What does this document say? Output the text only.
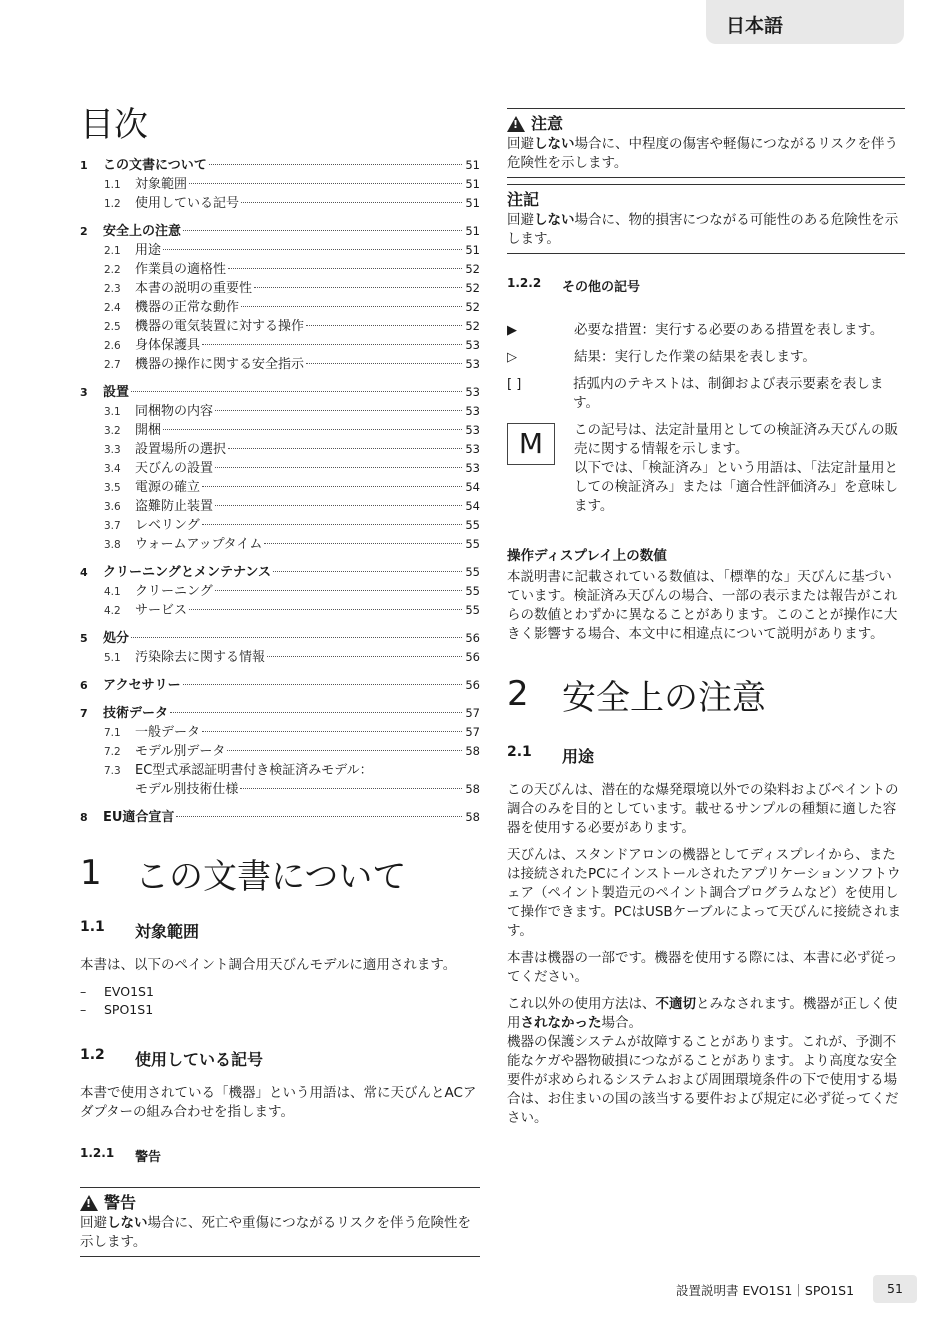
日本語
目次
1	この文書について	51
1.1	対象範囲	51
1.2	使用している記号	51
2	安全上の注意	51
2.1	用途	51
2.2	作業員の適格性	52
2.3	本書の説明の重要性	52
2.4	機器の正常な動作	52
2.5	機器の電気装置に対する操作	52
2.6	身体保護具	53
2.7	機器の操作に関する安全指示	53
3	設置	53
3.1	同梱物の内容	53
3.2	開梱	53
3.3	設置場所の選択	53
3.4	天びんの設置	53
3.5	電源の確立	54
3.6	盗難防止装置	54
3.7	レベリング	55
3.8	ウォームアップタイム	55
4	クリーニングとメンテナンス	55
4.1	クリーニング	55
4.2	サービス	55
5	処分	56
5.1	汚染除去に関する情報	56
6	アクセサリー	56
7	技術データ	57
7.1	一般データ	57
7.2	モデル別データ	58
7.3	EC型式承認証明書付き検証済みモデル：
モデル別技術仕様	58
8	EU適合宣言	58
1 この文書について
1.1	対象範囲
本書は、以下のペイント調合用天びんモデルに適用されます。
–	EVO1S1
–	SPO1S1
1.2	使用している記号
本書で使用されている「機器」という用語は、常に天びんとACアダプターの組み合わせを指します。
1.2.1	警告
! 警告
回避しない場合に、死亡や重傷につながるリスクを伴う危険性を示します。
! 注意
回避しない場合に、中程度の傷害や軽傷につながるリスクを伴う危険性を示します。
注記
回避しない場合に、物的損害につながる可能性のある危険性を示します。
1.2.2	その他の記号
▶	必要な措置：実行する必要のある措置を表します。
▷	結果：実行した作業の結果を表します。
[ ]	括弧内のテキストは、制御および表示要素を表します。
M	この記号は、法定計量用としての検証済み天びんの販売に関する情報を示します。
以下では、「検証済み」という用語は、「法定計量用としての検証済み」または「適合性評価済み」を意味します。
操作ディスプレイ上の数値
本説明書に記載されている数値は、「標準的な」天びんに基づいています。検証済み天びんの場合、一部の表示または報告がこれらの数値とわずかに異なることがあります。このことが操作に大きく影響する場合、本文中に相違点について説明があります。
2 安全上の注意
2.1	用途
この天びんは、潜在的な爆発環境以外での染料およびペイントの調合のみを目的としています。載せるサンプルの種類に適した容器を使用する必要があります。
天びんは、スタンドアロンの機器としてディスプレイから、または接続されたPCにインストールされたアプリケーションソフトウェア（ペイント製造元のペイント調合プログラムなど）を使用して操作できます。PCはUSBケーブルによって天びんに接続されます。
本書は機器の一部です。機器を使用する際には、本書に必ず従ってください。
これ以外の使用方法は、不適切とみなされます。機器が正しく使用されなかった場合。
機器の保護システムが故障することがあります。これが、予測不能なケガや器物破損につながることがあります。より高度な安全要件が求められるシステムおよび周囲環境条件の下で使用する場合は、お住まいの国の該当する要件および規定に必ず従ってください。
設置説明書 EVO1S1｜SPO1S1	51
